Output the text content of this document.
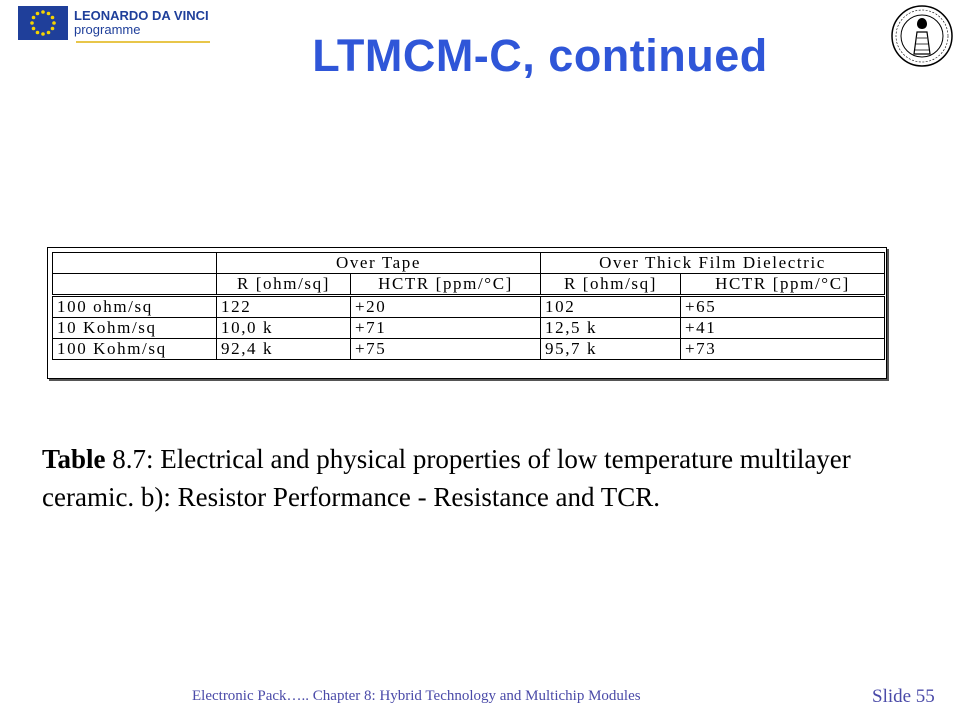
LEONARDO DA VINCI
programme
LTMCM-C, continued
	Over Tape		Over Thick Film Dielectric	
	R [ohm/sq]	HCTR [ppm/°C]	R [ohm/sq]	HCTR [ppm/°C]
100 ohm/sq	122	+20	102	+65
10 Kohm/sq	10,0 k	+71	12,5 k	+41
100 Kohm/sq	92,4 k	+75	95,7 k	+73
Table 8.7: Electrical and physical properties of low temperature multilayer ceramic. b): Resistor Performance - Resistance and TCR.
Electronic Pack….. Chapter 8: Hybrid Technology and Multichip Modules	Slide 55
